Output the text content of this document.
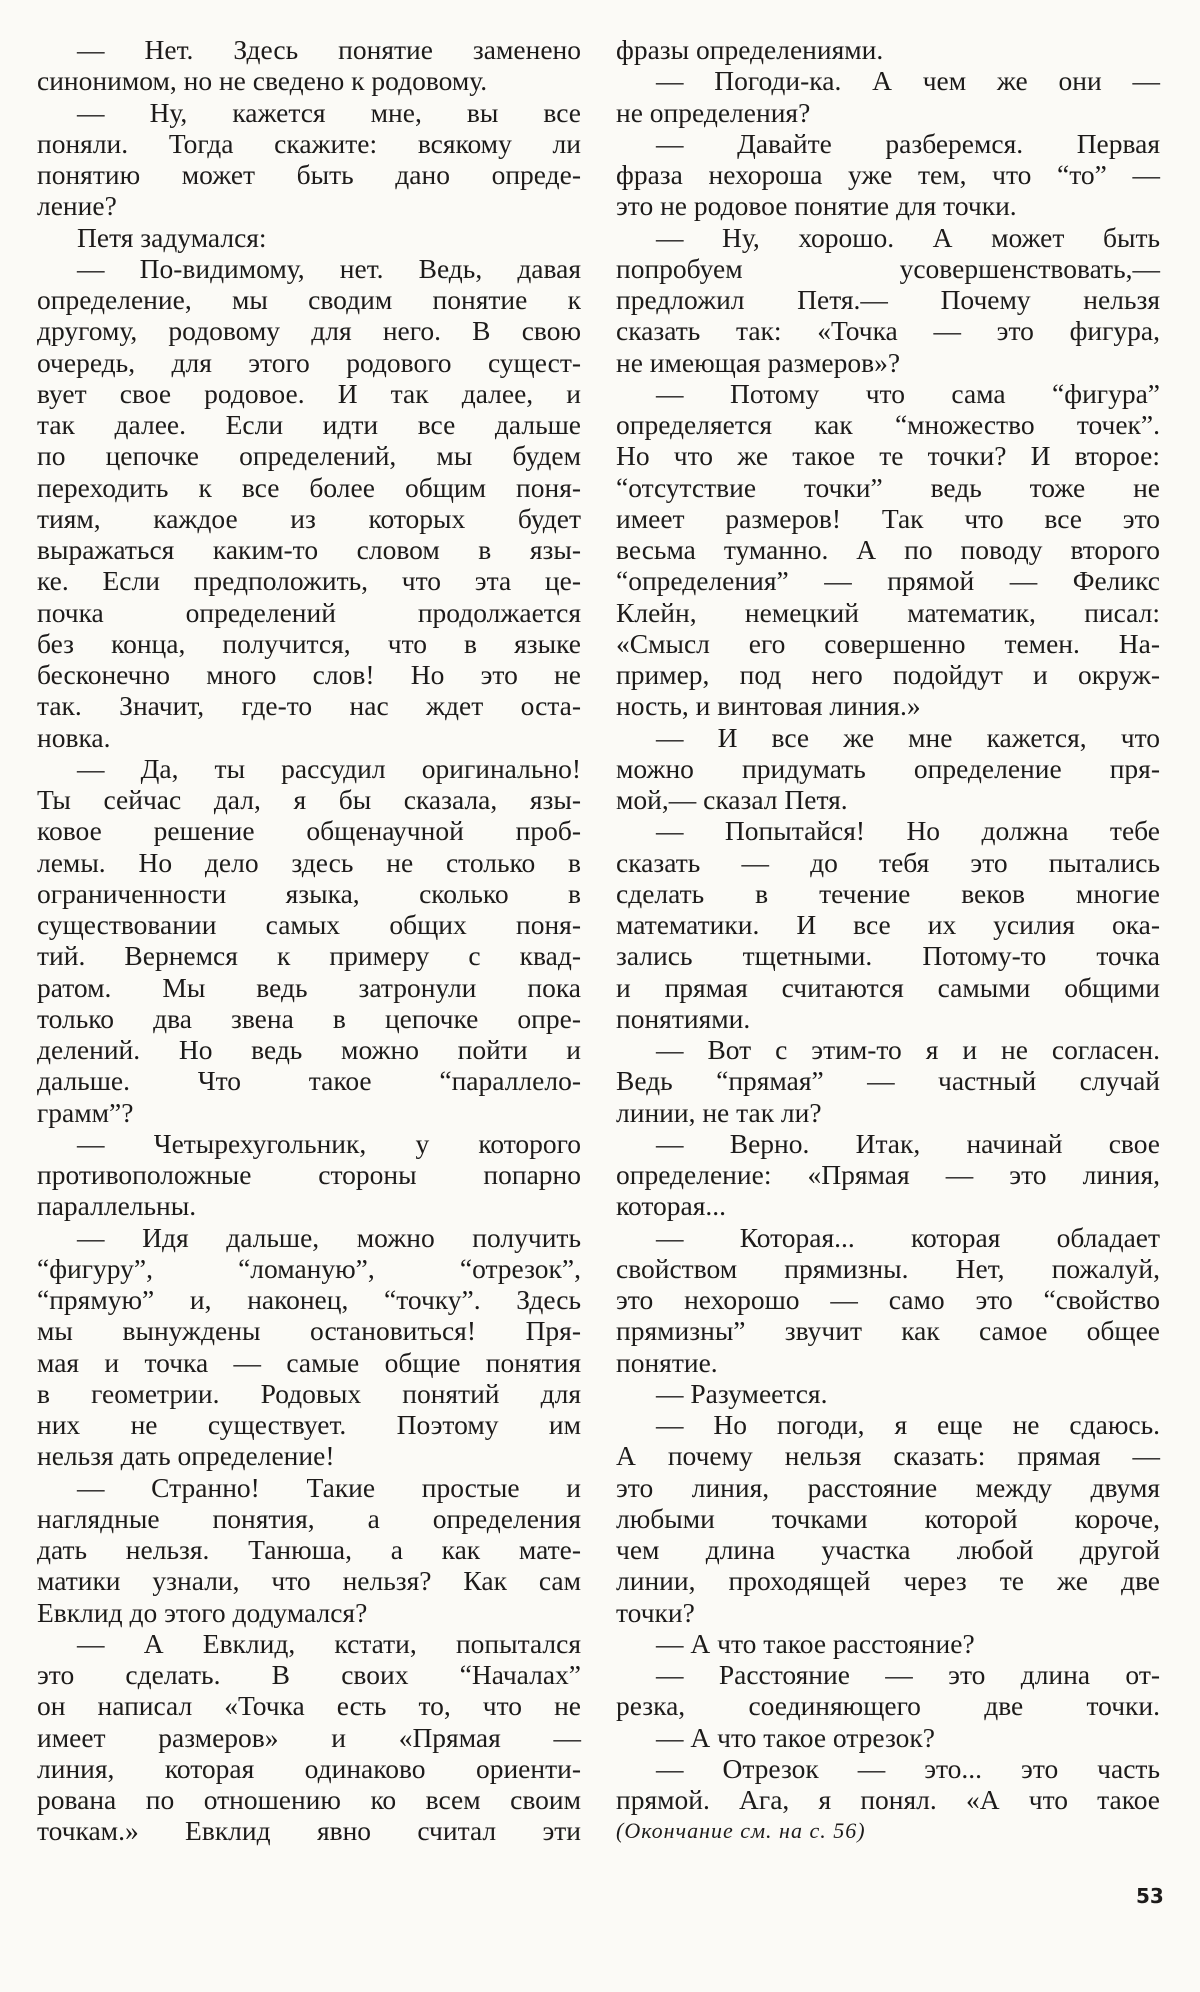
— Нет. Здесь понятие заменено
синонимом, но не сведено к родовому.
— Ну, кажется мне, вы все
поняли. Тогда скажите: всякому ли
понятию может быть дано опреде-
ление?
Петя задумался:
— По-видимому, нет. Ведь, давая
определение, мы сводим понятие к
другому, родовому для него. В свою
очередь, для этого родового сущест-
вует свое родовое. И так далее, и
так далее. Если идти все дальше
по цепочке определений, мы будем
переходить к все более общим поня-
тиям, каждое из которых будет
выражаться каким-то словом в язы-
ке. Если предположить, что эта це-
почка определений продолжается
без конца, получится, что в языке
бесконечно много слов! Но это не
так. Значит, где-то нас ждет оста-
новка.
— Да, ты рассудил оригинально!
Ты сейчас дал, я бы сказала, язы-
ковое решение общенаучной проб-
лемы. Но дело здесь не столько в
ограниченности языка, сколько в
существовании самых общих поня-
тий. Вернемся к примеру с квад-
ратом. Мы ведь затронули пока
только два звена в цепочке опре-
делений. Но ведь можно пойти и
дальше. Что такое “параллело-
грамм”?
— Четырехугольник, у которого
противоположные стороны попарно
параллельны.
— Идя дальше, можно получить
“фигуру”, “ломаную”, “отрезок”,
“прямую” и, наконец, “точку”. Здесь
мы вынуждены остановиться! Пря-
мая и точка — самые общие понятия
в геометрии. Родовых понятий для
них не существует. Поэтому им
нельзя дать определение!
— Странно! Такие простые и
наглядные понятия, а определения
дать нельзя. Танюша, а как мате-
матики узнали, что нельзя? Как сам
Евклид до этого додумался?
— А Евклид, кстати, попытался
это сделать. В своих “Началах”
он написал «Точка есть то, что не
имеет размеров» и «Прямая —
линия, которая одинаково ориенти-
рована по отношению ко всем своим
точкам.» Евклид явно считал эти
фразы определениями.
— Погоди-ка. А чем же они —
не определения?
— Давайте разберемся. Первая
фраза нехороша уже тем, что “то” —
это не родовое понятие для точки.
— Ну, хорошо. А может быть
попробуем усовершенствовать,—
предложил Петя.— Почему нельзя
сказать так: «Точка — это фигура,
не имеющая размеров»?
— Потому что сама “фигура”
определяется как “множество точек”.
Но что же такое те точки? И второе:
“отсутствие точки” ведь тоже не
имеет размеров! Так что все это
весьма туманно. А по поводу второго
“определения” — прямой — Феликс
Клейн, немецкий математик, писал:
«Смысл его совершенно темен. На-
пример, под него подойдут и окруж-
ность, и винтовая линия.»
— И все же мне кажется, что
можно придумать определение пря-
мой,— сказал Петя.
— Попытайся! Но должна тебе
сказать — до тебя это пытались
сделать в течение веков многие
математики. И все их усилия ока-
зались тщетными. Потому-то точка
и прямая считаются самыми общими
понятиями.
— Вот с этим-то я и не согласен.
Ведь “прямая” — частный случай
линии, не так ли?
— Верно. Итак, начинай свое
определение: «Прямая — это линия,
которая...
— Которая... которая обладает
свойством прямизны. Нет, пожалуй,
это нехорошо — само это “свойство
прямизны” звучит как самое общее
понятие.
— Разумеется.
— Но погоди, я еще не сдаюсь.
А почему нельзя сказать: прямая —
это линия, расстояние между двумя
любыми точками которой короче,
чем длина участка любой другой
линии, проходящей через те же две
точки?
— А что такое расстояние?
— Расстояние — это длина от-
резка, соединяющего две точки.
— А что такое отрезок?
— Отрезок — это... это часть
прямой. Ага, я понял. «А что такое
(Окончание см. на с. 56)
53
